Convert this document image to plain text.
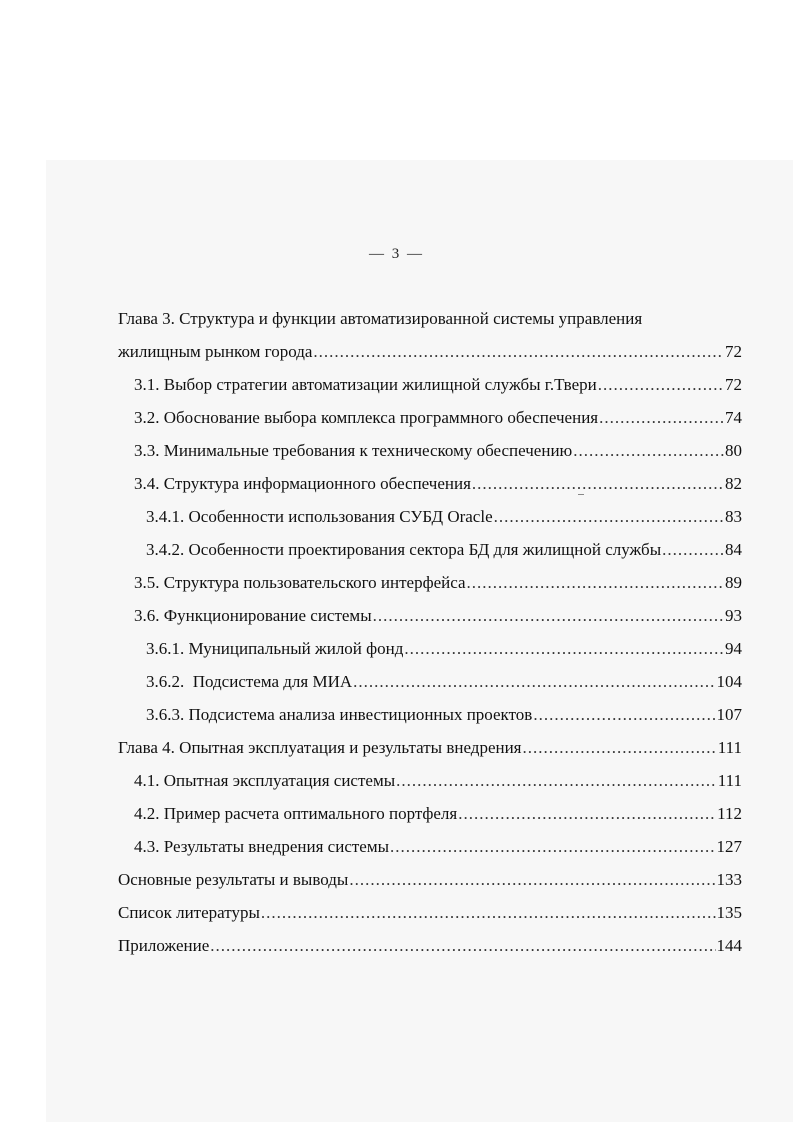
— 3 —
Глава 3. Структура и функции автоматизированной системы управления
жилищным рынком города .....	72
3.1. Выбор стратегии автоматизации жилищной службы г.Твери .....	72
3.2. Обоснование выбора комплекса программного обеспечения .....	74
3.3. Минимальные требования к техническому обеспечению .....	80
3.4. Структура информационного обеспечения .....	82
3.4.1. Особенности использования СУБД Oracle .....	83
3.4.2. Особенности проектирования сектора БД для жилищной службы .....	84
3.5. Структура пользовательского интерфейса .....	89
3.6. Функционирование системы .....	93
3.6.1. Муниципальный жилой фонд .....	94
3.6.2.  Подсистема для МИА .....	104
3.6.3. Подсистема анализа инвестиционных проектов .....	107
Глава 4. Опытная эксплуатация и результаты внедрения .....	111
4.1. Опытная эксплуатация системы .....	111
4.2. Пример расчета оптимального портфеля .....	112
4.3. Результаты внедрения системы .....	127
Основные результаты и выводы .....	133
Список литературы .....	135
Приложение .....	144
